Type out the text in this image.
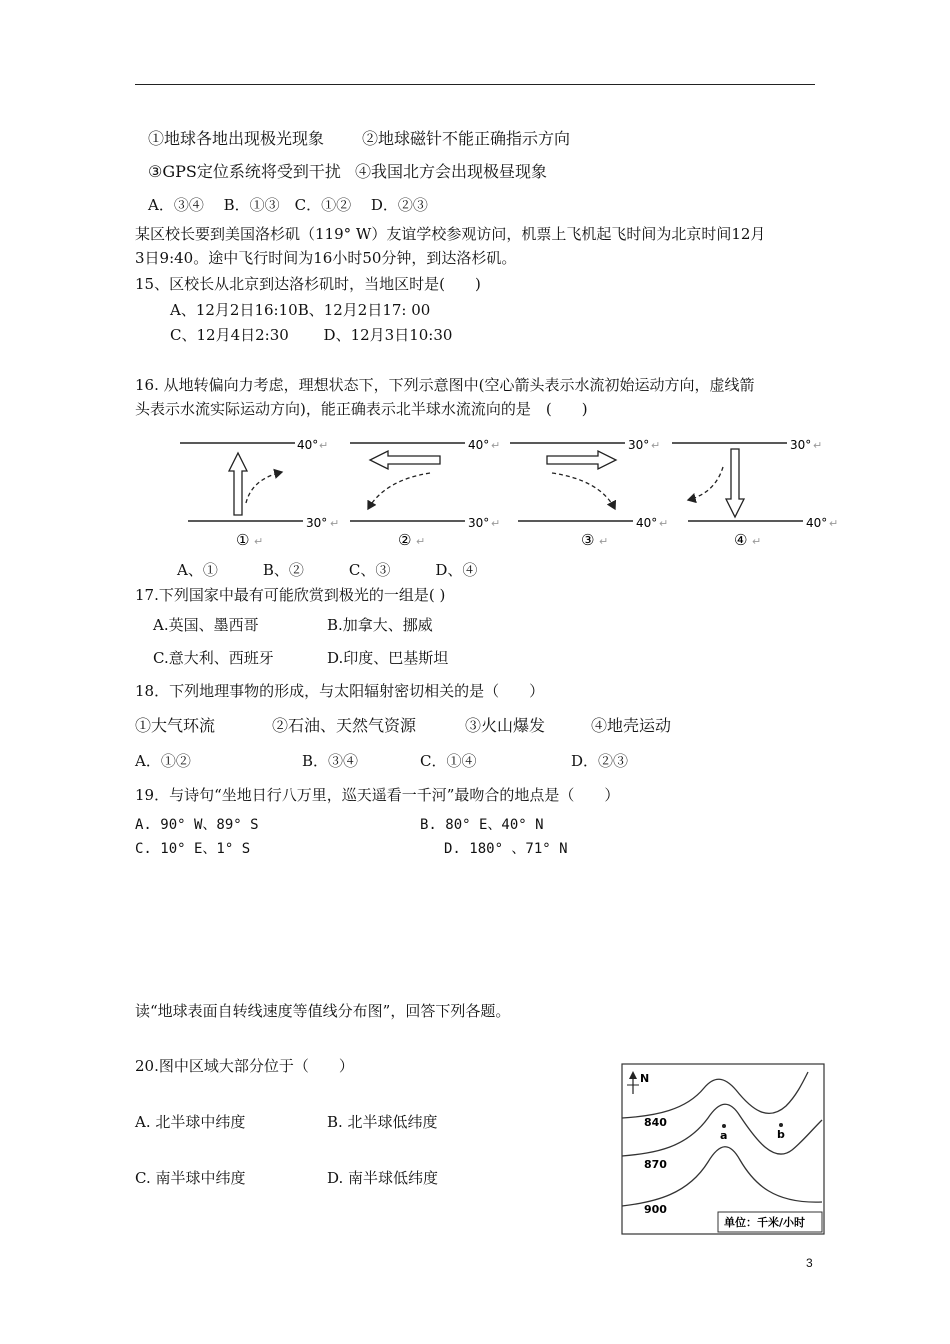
①地球各地出现极光现象 ②地球磁针不能正确指示方向
③GPS定位系统将受到干扰 ④我国北方会出现极昼现象
A．③④　 B．①③　C．①②　 D．②③
某区校长要到美国洛杉矶（119° W）友谊学校参观访问，机票上飞机起飞时间为北京时间12月
3日9:40。途中飞行时间为16小时50分钟，到达洛杉矶。
15、区校长从北京到达洛杉矶时，当地区时是(　　)
A、12月2日16:10B、12月2日17: 00
C、12月4日2:30　　 D、12月3日10:30
16. 从地转偏向力考虑，理想状态下，下列示意图中(空心箭头表示水流初始运动方向，虚线箭
头表示水流实际运动方向)，能正确表示北半球水流流向的是　(　　)
40°
30°
①
40°
30°
②
30°
40°
③
30°
40°
④
↵
↵
↵
↵
↵
↵
↵
↵
↵
↵
↵
↵
A、①　　　B、②　　　C、③　　　D、④
17.下列国家中最有可能欣赏到极光的一组是( )
A.英国、墨西哥	B.加拿大、挪威
C.意大利、西班牙	D.印度、巴基斯坦
18．下列地理事物的形成，与太阳辐射密切相关的是（　　）
①大气环流	②石油、天然气资源	③火山爆发	④地壳运动
A．①②	B．③④	C．①④	D．②③
19．与诗句“坐地日行八万里，巡天遥看一千河”最吻合的地点是（　　）
A. 90° W、89° S	B. 80° E、40° N
C. 10° E、1° S	D. 180° 、71° N
读“地球表面自转线速度等值线分布图”，回答下列各题。
20.图中区域大部分位于（　　）
A. 北半球中纬度	B. 北半球低纬度
C. 南半球中纬度	D. 南半球低纬度
N
840
870
900
a	b
单位：千米/小时
3
